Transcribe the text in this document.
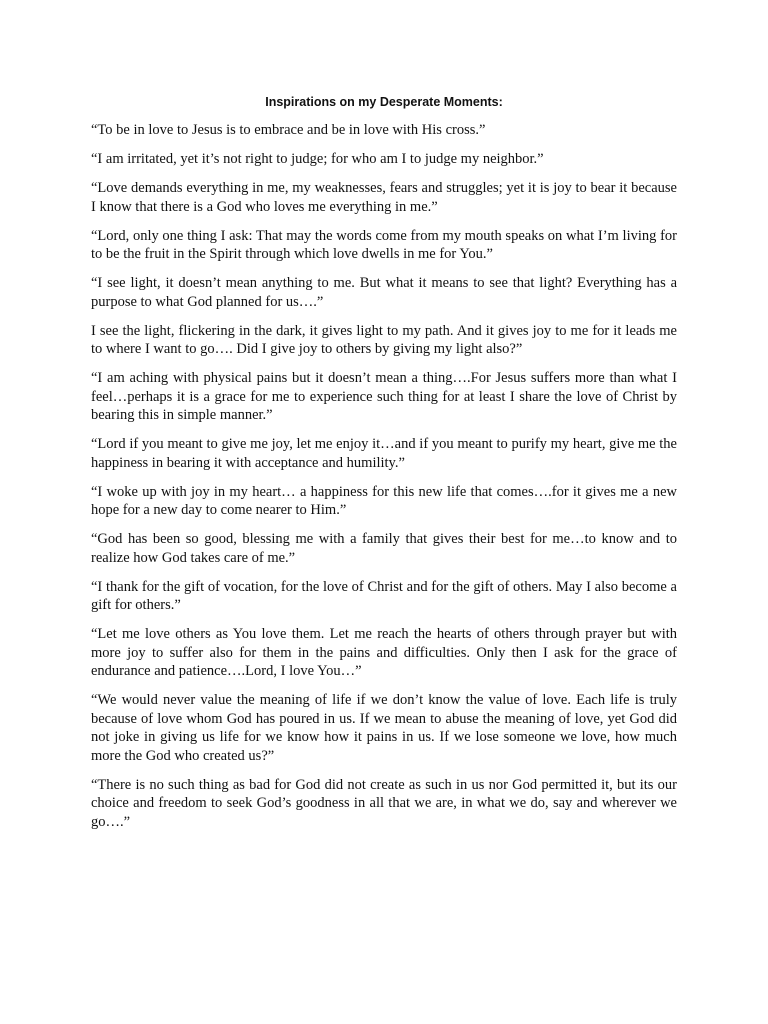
Inspirations on my Desperate Moments:

“To be in love to Jesus is to embrace and be in love with His cross.”

“I am irritated, yet it’s not right to judge; for who am I to judge my neighbor.”

“Love demands everything in me, my weaknesses, fears and struggles; yet it is joy to bear it because I know that there is a God who loves me everything in me.”

“Lord, only one thing I ask: That may the words come from my mouth speaks on what I’m living for to be the fruit in the Spirit through which love dwells in me for You.”

“I see light, it doesn’t mean anything to me. But what it means to see that light? Everything has a purpose to what God planned for us….”

I see the light, flickering in the dark, it gives light to my path. And it gives joy to me for it leads me to where I want to go…. Did I give joy to others by giving my light also?”

“I am aching with physical pains but it doesn’t mean a thing….For Jesus suffers more than what I feel…perhaps it is a grace for me to experience such thing for at least I share the love of Christ by bearing this in simple manner.”

“Lord if you meant to give me joy, let me enjoy it…and if you meant to purify my heart, give me the happiness in bearing it with acceptance and humility.”

“I woke up with joy in my heart… a happiness for this new life that comes….for it gives me a new hope for a new day to come nearer to Him.”

“God has been so good, blessing me with a family that gives their best for me…to know and to realize how God takes care of me.”

“I thank for the gift of vocation, for the love of Christ and for the gift of others. May I also become a gift for others.”

“Let me love others as You love them. Let me reach the hearts of others through prayer but with more joy to suffer also for them in the pains and difficulties. Only then I ask for the grace of endurance and patience….Lord, I love You…”

“We would never value the meaning of life if we don’t know the value of love. Each life is truly because of love whom God has poured in us. If we mean to abuse the meaning of love, yet God did not joke in giving us life for we know how it pains in us. If we lose someone we love, how much more the God who created us?”

“There is no such thing as bad for God did not create as such in us nor God permitted it, but its our choice and freedom to seek God’s goodness in all that we are, in what we do, say and wherever we go….”
